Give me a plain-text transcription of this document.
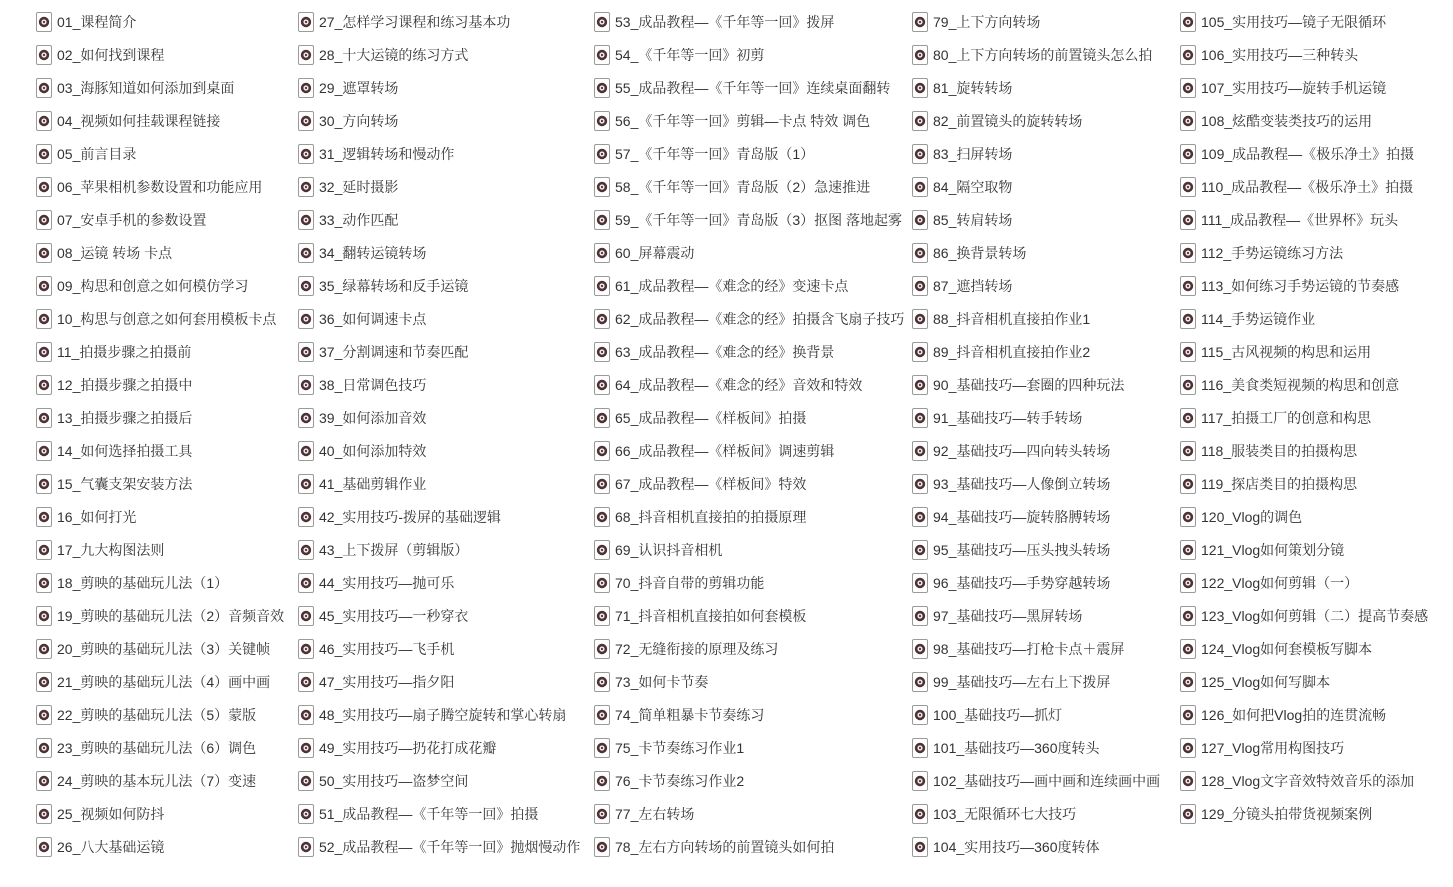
01_课程简介
02_如何找到课程
03_海豚知道如何添加到桌面
04_视频如何挂载课程链接
05_前言目录
06_苹果相机参数设置和功能应用
07_安卓手机的参数设置
08_运镜 转场 卡点
09_构思和创意之如何模仿学习
10_构思与创意之如何套用模板卡点
11_拍摄步骤之拍摄前
12_拍摄步骤之拍摄中
13_拍摄步骤之拍摄后
14_如何选择拍摄工具
15_气囊支架安装方法
16_如何打光
17_九大构图法则
18_剪映的基础玩儿法（1）
19_剪映的基础玩儿法（2）音频音效
20_剪映的基础玩儿法（3）关键帧
21_剪映的基础玩儿法（4）画中画
22_剪映的基础玩儿法（5）蒙版
23_剪映的基础玩儿法（6）调色
24_剪映的基本玩儿法（7）变速
25_视频如何防抖
26_八大基础运镜
27_怎样学习课程和练习基本功
28_十大运镜的练习方式
29_遮罩转场
30_方向转场
31_逻辑转场和慢动作
32_延时摄影
33_动作匹配
34_翻转运镜转场
35_绿幕转场和反手运镜
36_如何调速卡点
37_分割调速和节奏匹配
38_日常调色技巧
39_如何添加音效
40_如何添加特效
41_基础剪辑作业
42_实用技巧-拨屏的基础逻辑
43_上下拨屏（剪辑版）
44_实用技巧—抛可乐
45_实用技巧—一秒穿衣
46_实用技巧—飞手机
47_实用技巧—指夕阳
48_实用技巧—扇子腾空旋转和掌心转扇
49_实用技巧—扔花打成花瓣
50_实用技巧—盗梦空间
51_成品教程—《千年等一回》拍摄
52_成品教程—《千年等一回》抛烟慢动作
53_成品教程—《千年等一回》拨屏
54_《千年等一回》初剪
55_成品教程—《千年等一回》连续桌面翻转
56_《千年等一回》剪辑—卡点 特效 调色
57_《千年等一回》青岛版（1）
58_《千年等一回》青岛版（2）急速推进
59_《千年等一回》青岛版（3）抠图 落地起雾
60_屏幕震动
61_成品教程—《难念的经》变速卡点
62_成品教程—《难念的经》拍摄含飞扇子技巧
63_成品教程—《难念的经》换背景
64_成品教程—《难念的经》音效和特效
65_成品教程—《样板间》拍摄
66_成品教程—《样板间》调速剪辑
67_成品教程—《样板间》特效
68_抖音相机直接拍的拍摄原理
69_认识抖音相机
70_抖音自带的剪辑功能
71_抖音相机直接拍如何套模板
72_无缝衔接的原理及练习
73_如何卡节奏
74_简单粗暴卡节奏练习
75_卡节奏练习作业1
76_卡节奏练习作业2
77_左右转场
78_左右方向转场的前置镜头如何拍
79_上下方向转场
80_上下方向转场的前置镜头怎么拍
81_旋转转场
82_前置镜头的旋转转场
83_扫屏转场
84_隔空取物
85_转肩转场
86_换背景转场
87_遮挡转场
88_抖音相机直接拍作业1
89_抖音相机直接拍作业2
90_基础技巧—套圈的四种玩法
91_基础技巧—转手转场
92_基础技巧—四向转头转场
93_基础技巧—人像倒立转场
94_基础技巧—旋转胳膊转场
95_基础技巧—压头拽头转场
96_基础技巧—手势穿越转场
97_基础技巧—黑屏转场
98_基础技巧—打枪卡点＋震屏
99_基础技巧—左右上下拨屏
100_基础技巧—抓灯
101_基础技巧—360度转头
102_基础技巧—画中画和连续画中画
103_无限循环七大技巧
104_实用技巧—360度转体
105_实用技巧—镜子无限循环
106_实用技巧—三种转头
107_实用技巧—旋转手机运镜
108_炫酷变装类技巧的运用
109_成品教程—《极乐净土》拍摄
110_成品教程—《极乐净土》拍摄
111_成品教程—《世界杯》玩头
112_手势运镜练习方法
113_如何练习手势运镜的节奏感
114_手势运镜作业
115_古风视频的构思和运用
116_美食类短视频的构思和创意
117_拍摄工厂的创意和构思
118_服装类目的拍摄构思
119_探店类目的拍摄构思
120_Vlog的调色
121_Vlog如何策划分镜
122_Vlog如何剪辑（一）
123_Vlog如何剪辑（二）提高节奏感
124_Vlog如何套模板写脚本
125_Vlog如何写脚本
126_如何把Vlog拍的连贯流畅
127_Vlog常用构图技巧
128_Vlog文字音效特效音乐的添加
129_分镜头拍带货视频案例
